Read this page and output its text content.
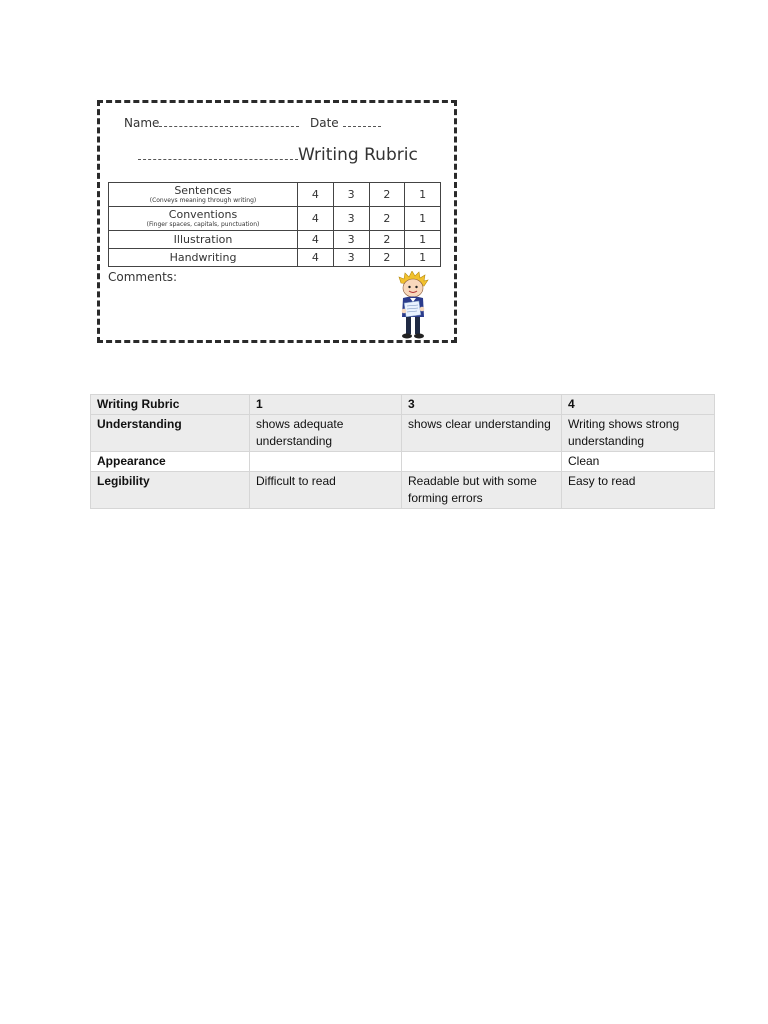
Name	Date
Writing Rubric
Sentences
(Conveys meaning through writing)	4	3	2	1

Conventions
(Finger spaces, capitals, punctuation)	4	3	2	1

Illustration	4	3	2	1

Handwriting	4	3	2	1
Comments:
Writing Rubric	1	3	4
Understanding	shows adequate understanding	shows clear understanding	Writing shows strong understanding
Appearance			Clean
Legibility	Difficult to read	Readable but with some forming errors	Easy to read
